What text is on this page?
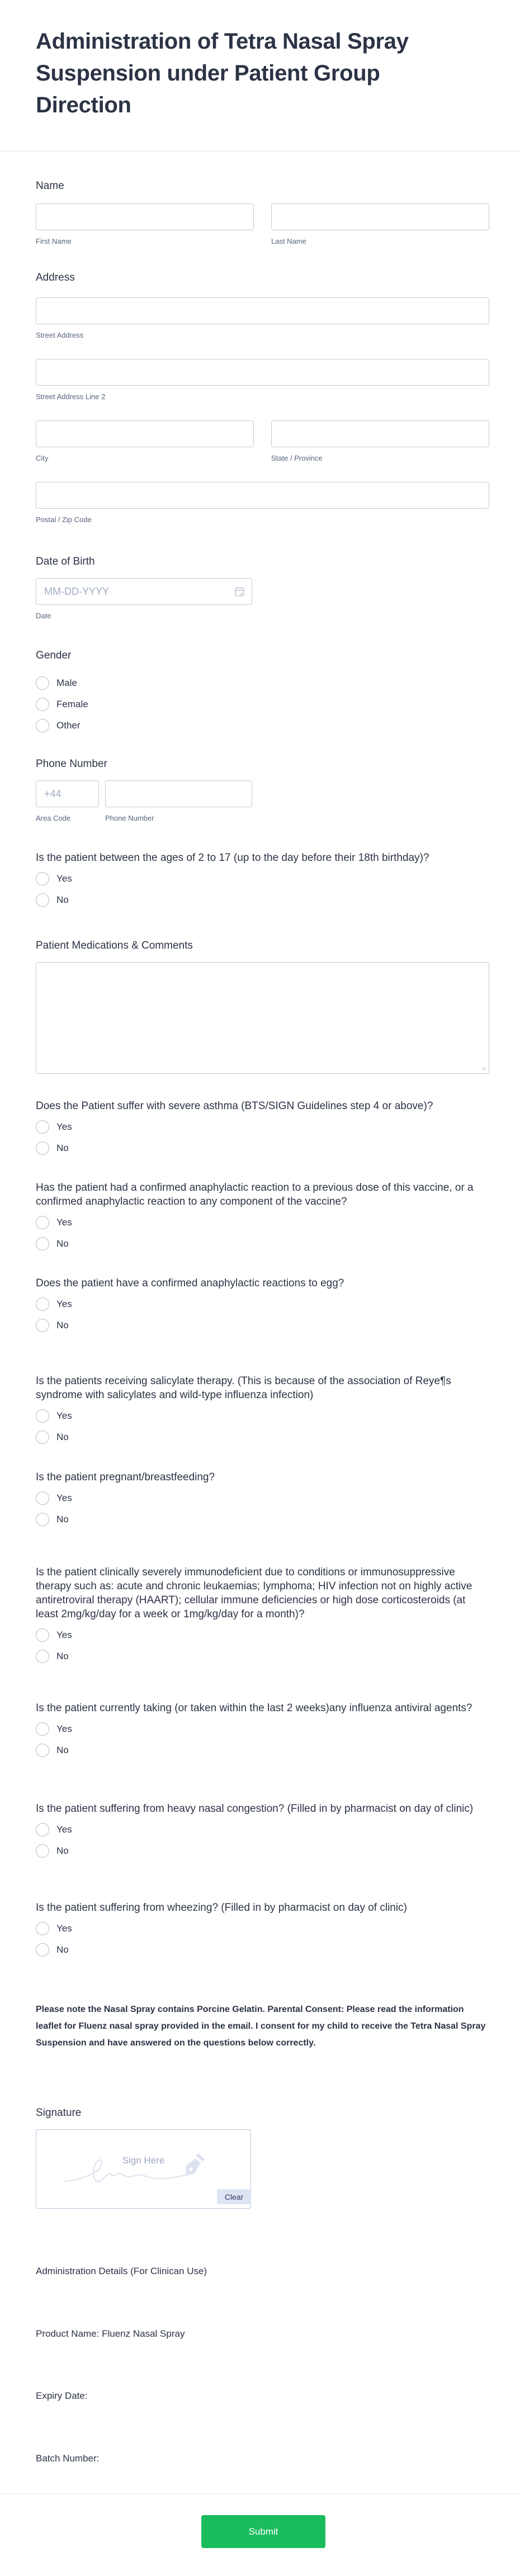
Administration of Tetra Nasal Spray Suspension under Patient Group Direction
Name
First Name	Last Name
Address
Street Address
Street Address Line 2
City	State / Province
Postal / Zip Code
Date of Birth
MM-DD-YYYY
Date
Gender
Male
Female
Other
Phone Number
+44
Area Code	Phone Number
Is the patient between the ages of 2 to 17 (up to the day before their 18th birthday)?
Yes
No
Patient Medications & Comments
Does the Patient suffer with severe asthma (BTS/SIGN Guidelines step 4 or above)?
Yes
No
Has the patient had a confirmed anaphylactic reaction to a previous dose of this vaccine, or a confirmed anaphylactic reaction to any component of the vaccine?
Yes
No
Does the patient have a confirmed anaphylactic reactions to egg?
Yes
No
Is the patients receiving salicylate therapy. (This is because of the association of Reye¶s syndrome with salicylates and wild-type influenza infection)
Yes
No
Is the patient pregnant/breastfeeding?
Yes
No
Is the patient clinically severely immunodeficient due to conditions or immunosuppressive therapy such as: acute and chronic leukaemias; lymphoma; HIV infection not on highly active antiretroviral therapy (HAART); cellular immune deficiencies or high dose corticosteroids (at least 2mg/kg/day for a week or 1mg/kg/day for a month)?
Yes
No
Is the patient currently taking (or taken within the last 2 weeks)any influenza antiviral agents?
Yes
No
Is the patient suffering from heavy nasal congestion? (Filled in by pharmacist on day of clinic)
Yes
No
Is the patient suffering from wheezing? (Filled in by pharmacist on day of clinic)
Yes
No
Please note the Nasal Spray contains Porcine Gelatin. Parental Consent: Please read the information leaflet for Fluenz nasal spray provided in the email. I consent for my child to receive the Tetra Nasal Spray Suspension and have answered on the questions below correctly.
Signature
Sign Here
Clear
Administration Details (For Clinican Use)
Product Name: Fluenz Nasal Spray
Expiry Date:
Batch Number:
Submit
